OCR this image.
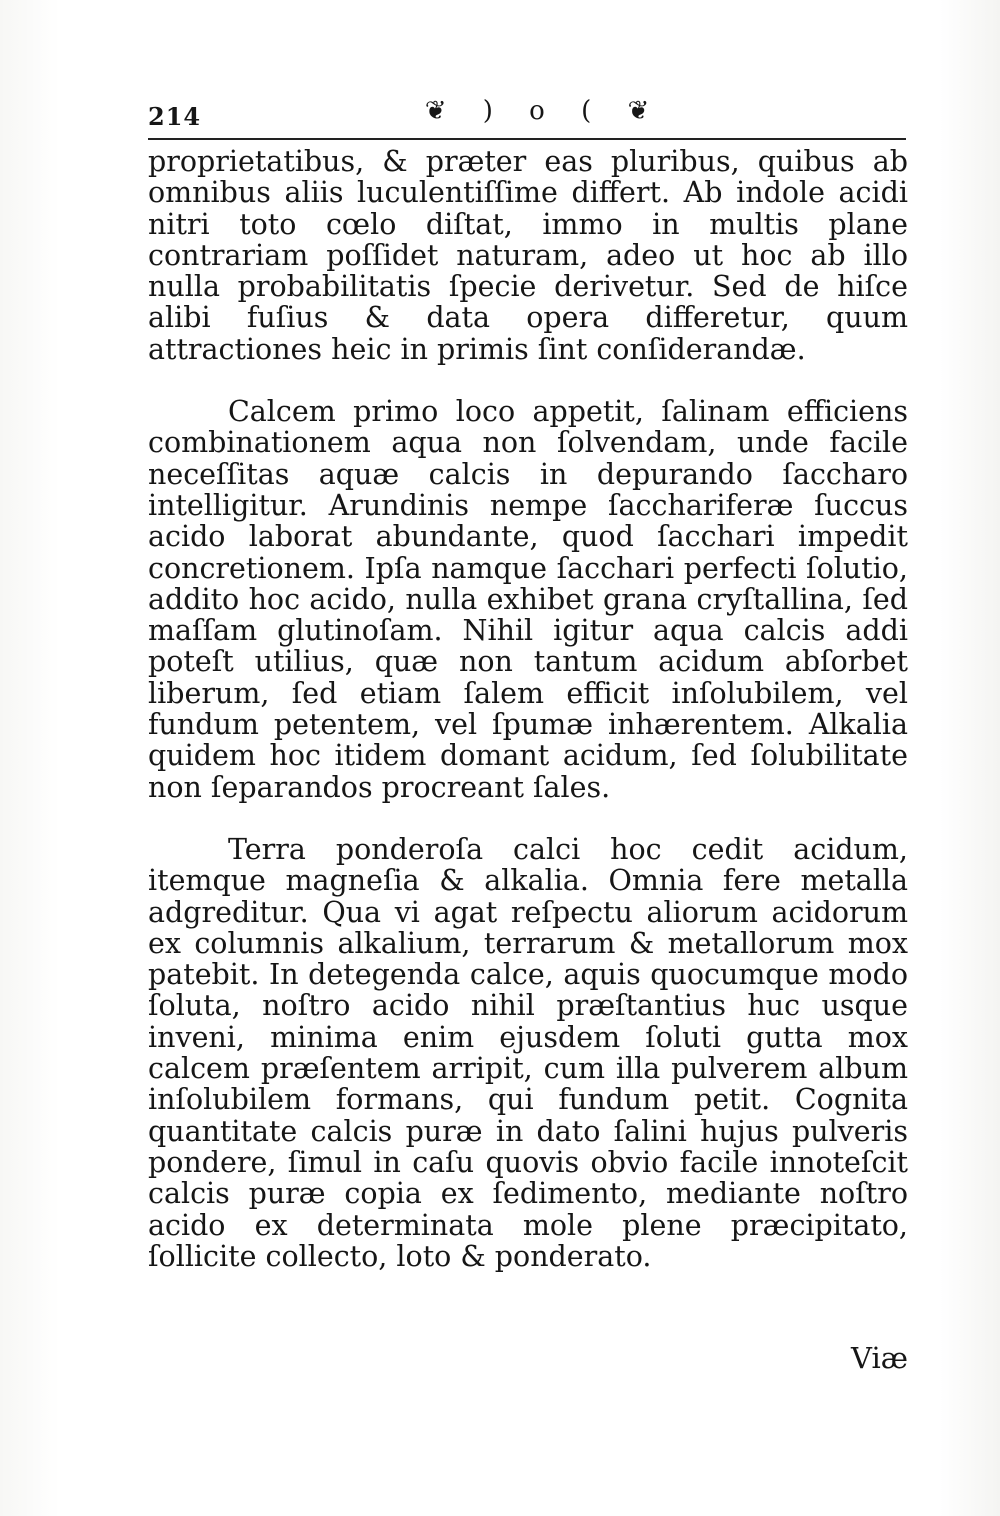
214	❦ ) o ( ❦

proprietatibus, & præter eas pluribus, quibus ab omnibus aliis luculentiſſime differt. Ab indole acidi nitri toto cœlo diſtat, immo in multis plane contrariam poſſidet naturam, adeo ut hoc ab illo nulla probabilitatis ſpecie derivetur. Sed de hiſce alibi fuſius & data opera differetur, quum attractiones heic in primis ſint conſiderandæ.

Calcem primo loco appetit, ſalinam efficiens combinationem aqua non ſolvendam, unde facile neceſſitas aquæ calcis in depurando ſaccharo intelligitur. Arundinis nempe ſacchariferæ ſuccus acido laborat abundante, quod ſacchari impedit concretionem. Ipſa namque ſacchari perfecti ſolutio, addito hoc acido, nulla exhibet grana cryſtallina, ſed maſſam glutinoſam. Nihil igitur aqua calcis addi poteſt utilius, quæ non tantum acidum abſorbet liberum, ſed etiam ſalem efficit inſolubilem, vel fundum petentem, vel ſpumæ inhærentem. Alkalia quidem hoc itidem domant acidum, ſed ſolubilitate non ſeparandos procreant ſales.

Terra ponderoſa calci hoc cedit acidum, itemque magneſia & alkalia. Omnia fere metalla adgreditur. Qua vi agat reſpectu aliorum acidorum ex columnis alkalium, terrarum & metallorum mox patebit. In detegenda calce, aquis quocumque modo ſoluta, noſtro acido nihil præſtantius huc usque inveni, minima enim ejusdem ſoluti gutta mox calcem præſentem arripit, cum illa pulverem album inſolubilem formans, qui fundum petit. Cognita quantitate calcis puræ in dato ſalini hujus pulveris pondere, ſimul in caſu quovis obvio facile innoteſcit calcis puræ copia ex ſedimento, mediante noſtro acido ex determinata mole plene præcipitato, ſollicite collecto, loto & ponderato.

Viæ
